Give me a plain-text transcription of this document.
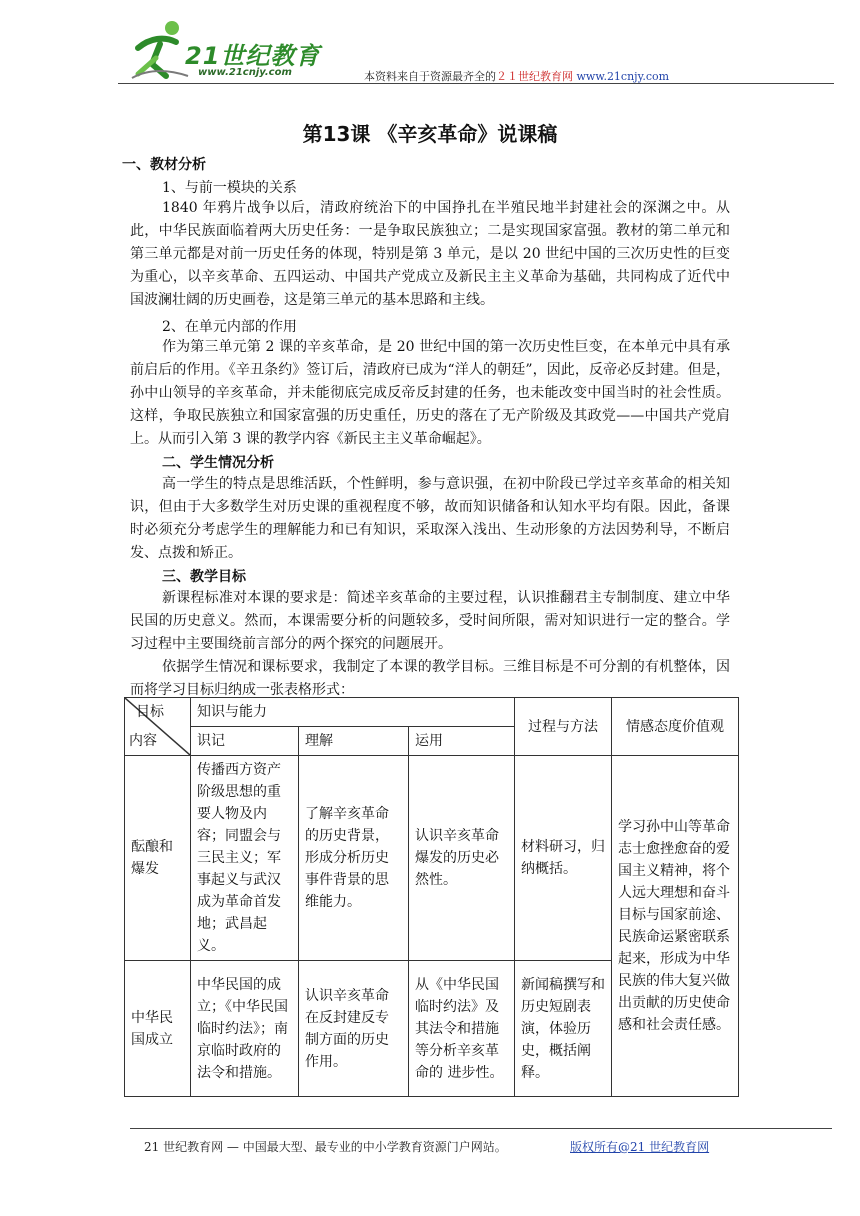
21世纪教育
www.21cnjy.com	本资料来自于资源最齐全的２１世纪教育网 www.21cnjy.com
第13课 《辛亥革命》说课稿
一、教材分析
1、与前一模块的关系

1840 年鸦片战争以后，清政府统治下的中国挣扎在半殖民地半封建社会的深渊之中。从此，中华民族面临着两大历史任务：一是争取民族独立；二是实现国家富强。教材的第二单元和第三单元都是对前一历史任务的体现，特别是第 3 单元，是以 20 世纪中国的三次历史性的巨变为重心，以辛亥革命、五四运动、中国共产党成立及新民主主义革命为基础，共同构成了近代中国波澜壮阔的历史画卷，这是第三单元的基本思路和主线。

2、在单元内部的作用

作为第三单元第 2 课的辛亥革命，是 20 世纪中国的第一次历史性巨变，在本单元中具有承前启后的作用。《辛丑条约》签订后，清政府已成为“洋人的朝廷”，因此，反帝必反封建。但是，孙中山领导的辛亥革命，并未能彻底完成反帝反封建的任务，也未能改变中国当时的社会性质。这样，争取民族独立和国家富强的历史重任，历史的落在了无产阶级及其政党——中国共产党肩上。从而引入第 3 课的教学内容《新民主主义革命崛起》。

二、学生情况分析

高一学生的特点是思维活跃，个性鲜明，参与意识强，在初中阶段已学过辛亥革命的相关知识，但由于大多数学生对历史课的重视程度不够，故而知识储备和认知水平均有限。因此，备课时必须充分考虑学生的理解能力和已有知识，采取深入浅出、生动形象的方法因势利导，不断启发、点拨和矫正。

三、教学目标

新课程标准对本课的要求是：简述辛亥革命的主要过程，认识推翻君主专制制度、建立中华民国的历史意义。然而，本课需要分析的问题较多，受时间所限，需对知识进行一定的整合。学习过程中主要围绕前言部分的两个探究的问题展开。

依据学生情况和课标要求，我制定了本课的教学目标。三维目标是不可分割的有机整体，因而将学习目标归纳成一张表格形式：

目标
内容	知识与能力			过程与方法	情感态度价值观
	识记	理解	运用		
酝酿和爆发	传播西方资产阶级思想的重要人物及内容；同盟会与三民主义；军事起义与武汉成为革命首发地；武昌起义。	了解辛亥革命的历史背景，形成分析历史事件背景的思维能力。	认识辛亥革命爆发的历史必然性。	材料研习，归纳概括。	学习孙中山等革命志士愈挫愈奋的爱国主义精神，将个人远大理想和奋斗目标与国家前途、民族命运紧密联系起来，形成为中华民族的伟大复兴做出贡献的历史使命感和社会责任感。
中华民国成立	中华民国的成立；《中华民国临时约法》；南京临时政府的法令和措施。	认识辛亥革命在反封建反专制方面的历史作用。	从《中华民国临时约法》及其法令和措施等分析辛亥革命的 进步性。	新闻稿撰写和历史短剧表演，体验历史，概括阐释。	
21 世纪教育网 — 中国最大型、最专业的中小学教育资源门户网站。	版权所有@21 世纪教育网
